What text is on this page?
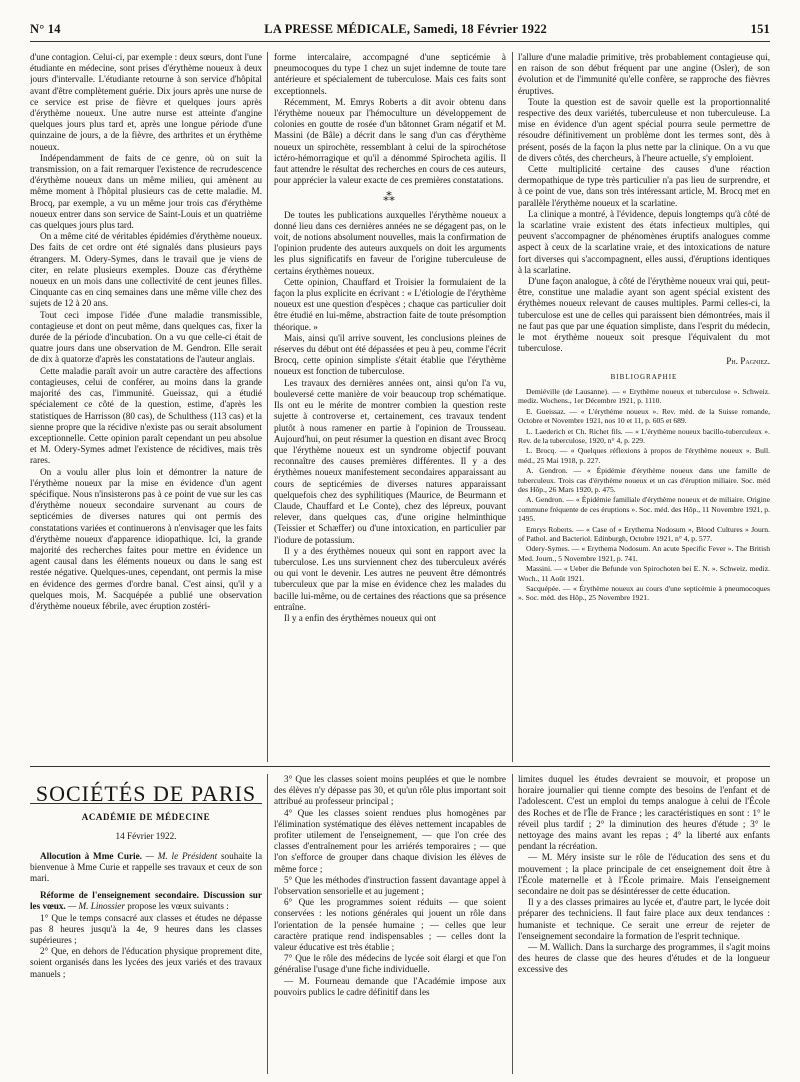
N° 14	LA PRESSE MÉDICALE, Samedi, 18 Février 1922	151

d'une contagion. Celui-ci, par exemple : deux sœurs, dont l'une étudiante en médecine, sont prises d'érythème noueux à deux jours d'intervalle. L'étudiante retourne à son service d'hôpital avant d'être complètement guérie. Dix jours après une nurse de ce service est prise de fièvre et quelques jours après d'érythème noueux. Une autre nurse est atteinte d'angine quelques jours plus tard et, après une longue période d'une quinzaine de jours, a de la fièvre, des arthrites et un érythème noueux.

Indépendamment de faits de ce genre, où on suit la transmission, on a fait remarquer l'existence de recrudescence d'érythème noueux dans un même milieu, qui amènent au même moment à l'hôpital plusieurs cas de cette maladie. M. Brocq, par exemple, a vu un même jour trois cas d'érythème noueux entrer dans son service de Saint-Louis et un quatrième cas quelques jours plus tard.

On a même cité de véritables épidémies d'érythème noueux. Des faits de cet ordre ont été signalés dans plusieurs pays étrangers. M. Odery-Symes, dans le travail que je viens de citer, en relate plusieurs exemples. Douze cas d'érythème noueux en un mois dans une collectivité de cent jeunes filles. Cinquante cas en cinq semaines dans une même ville chez des sujets de 12 à 20 ans.

Tout ceci impose l'idée d'une maladie transmissible, contagieuse et dont on peut même, dans quelques cas, fixer la durée de la période d'incubation. On a vu que celle-ci était de quatre jours dans une observation de M. Gendron. Elle serait de dix à quatorze d'après les constatations de l'auteur anglais.

Cette maladie paraît avoir un autre caractère des affections contagieuses, celui de conférer, au moins dans la grande majorité des cas, l'immunité. Gueissaz, qui a étudié spécialement ce côté de la question, estime, d'après les statistiques de Harrisson (80 cas), de Schulthess (113 cas) et la sienne propre que la récidive n'existe pas ou serait absolument exceptionnelle. Cette opinion paraît cependant un peu absolue et M. Odery-Symes admet l'existence de récidives, mais très rares.

On a voulu aller plus loin et démontrer la nature de l'érythème noueux par la mise en évidence d'un agent spécifique. Nous n'insisterons pas à ce point de vue sur les cas d'érythème noueux secondaire survenant au cours de septicémies de diverses natures qui ont permis des constatations variées et continuerons à n'envisager que les faits d'érythème noueux d'apparence idiopathique. Ici, la grande majorité des recherches faites pour mettre en évidence un agent causal dans les éléments noueux ou dans le sang est restée négative. Quelques-unes, cependant, ont permis la mise en évidence des germes d'ordre banal. C'est ainsi, qu'il y a quelques mois, M. Sacquépée a publié une observation d'érythème noueux fébrile, avec éruption zostéri-

forme intercalaire, accompagné d'une septicémie à pneumocoques du type 1 chez un sujet indemne de toute tare antérieure et spécialement de tuberculose. Mais ces faits sont exceptionnels.

Récemment, M. Emrys Roberts a dit avoir obtenu dans l'érythème noueux par l'hémoculture un développement de colonies en goutte de rosée d'un bâtonnet Gram négatif et M. Massini (de Bâle) a décrit dans le sang d'un cas d'érythème noueux un spirochète, ressemblant à celui de la spirochétose ictéro-hémorragique et qu'il a dénommé Spirocheta agilis. Il faut attendre le résultat des recherches en cours de ces auteurs, pour apprécier la valeur exacte de ces premières constatations.

⁂

De toutes les publications auxquelles l'érythème noueux a donné lieu dans ces dernières années ne se dégagent pas, on le voit, de notions absolument nouvelles, mais la confirmation de l'opinion prudente des auteurs auxquels on doit les arguments les plus significatifs en faveur de l'origine tuberculeuse de certains érythèmes noueux.

Cette opinion, Chauffard et Troisier la formulaient de la façon la plus explicite en écrivant : « L'étiologie de l'érythème noueux est une question d'espèces ; chaque cas particulier doit être étudié en lui-même, abstraction faite de toute présomption théorique. »

Mais, ainsi qu'il arrive souvent, les conclusions pleines de réserves du début ont été dépassées et peu à peu, comme l'écrit Brocq, cette opinion simpliste s'était établie que l'érythème noueux est fonction de tuberculose.

Les travaux des dernières années ont, ainsi qu'on l'a vu, bouleversé cette manière de voir beaucoup trop schématique. Ils ont eu le mérite de montrer combien la question reste sujette à controverse et, certainement, ces travaux tendent plutôt à nous ramener en partie à l'opinion de Trousseau. Aujourd'hui, on peut résumer la question en disant avec Brocq que l'érythème noueux est un syndrome objectif pouvant reconnaître des causes premières différentes. Il y a des érythèmes noueux manifestement secondaires apparaissant au cours de septicémies de diverses natures apparaissant quelquefois chez des syphilitiques (Maurice, de Beurmann et Claude, Chauffard et Le Conte), chez des lépreux, pouvant relever, dans quelques cas, d'une origine helminthique (Teissier et Schæffer) ou d'une intoxication, en particulier par l'iodure de potassium.

Il y a des érythèmes noueux qui sont en rapport avec la tuberculose. Les uns surviennent chez des tuberculeux avérés ou qui vont le devenir. Les autres ne peuvent être démontrés tuberculeux que par la mise en évidence chez les malades du bacille lui-même, ou de certaines des réactions que sa présence entraîne.

Il y a enfin des érythèmes noueux qui ont

l'allure d'une maladie primitive, très probablement contagieuse qui, en raison de son début fréquent par une angine (Osler), de son évolution et de l'immunité qu'elle confère, se rapproche des fièvres éruptives.

Toute la question est de savoir quelle est la proportionnalité respective des deux variétés, tuberculeuse et non tuberculeuse. La mise en évidence d'un agent spécial pourra seule permettre de résoudre définitivement un problème dont les termes sont, dès à présent, posés de la façon la plus nette par la clinique. On a vu que de divers côtés, des chercheurs, à l'heure actuelle, s'y emploient.

Cette multiplicité certaine des causes d'une réaction dermopathique de type très particulier n'a pas lieu de surprendre, et à ce point de vue, dans son très intéressant article, M. Brocq met en parallèle l'érythème noueux et la scarlatine.

La clinique a montré, à l'évidence, depuis longtemps qu'à côté de la scarlatine vraie existent des états infectieux multiples, qui peuvent s'accompagner de phénomènes éruptifs analogues comme aspect à ceux de la scarlatine vraie, et des intoxications de nature fort diverses qui s'accompagnent, elles aussi, d'éruptions identiques à la scarlatine.

D'une façon analogue, à côté de l'érythème noueux vrai qui, peut-être, constitue une maladie ayant son agent spécial existent des érythèmes noueux relevant de causes multiples. Parmi celles-ci, la tuberculose est une de celles qui paraissent bien démontrées, mais il ne faut pas que par une équation simpliste, dans l'esprit du médecin, le mot érythème noueux soit presque l'équivalent du mot tuberculose.

Ph. Pagniez.
BIBLIOGRAPHIE

Demiéville (de Lausanne). — « Erythème noueux et tuberculose ». Schweiz. mediz. Wochens., 1er Décembre 1921, p. 1110.

E. Gueissaz. — « L'érythème noueux ». Rev. méd. de la Suisse romande, Octobre et Novembre 1921, nos 10 et 11, p. 605 et 689.

L. Laederich et Ch. Richet fils. — « L'érythème noueux bacillo-tuberculeux ». Rev. de la tuberculose, 1920, n° 4, p. 229.

L. Brocq. — « Quelques réflexions à propos de l'érythème noueux ». Bull. méd., 25 Mai 1918, p. 227.

A. Gendron. — « Épidémie d'érythème noueux dans une famille de tuberculeux. Trois cas d'érythème noueux et un cas d'éruption miliaire. Soc. méd des Hôp., 26 Mars 1920, p. 475.

A. Gendron. — « Épidémie familiale d'érythème noueux et de miliaire. Origine commune fréquente de ces éruptions ». Soc. méd. des Hôp., 11 Novembre 1921, p. 1495.

Emrys Roberts. — « Case of « Erythema Nodosum », Blood Cultures » Journ. of Pathol. and Bacteriol. Edinburgh, Octobre 1921, n° 4, p. 577.

Odery-Symes. — « Erythema Nodosum. An acute Specific Fever ». The British Med. Journ., 5 Novembre 1921, p. 741.

Massini. — « Ueber die Befunde von Spirochoten bei E. N. ». Schweiz. mediz. Woch., 11 Août 1921.

Sacquépée. — « Érythème noueux au cours d'une septicémie à pneumocoques ». Soc. méd. des Hôp., 25 Novembre 1921.

SOCIÉTÉS DE PARIS
ACADÉMIE DE MÉDECINE
14 Février 1922.

Allocution à Mme Curie. — M. le Président souhaite la bienvenue à Mme Curie et rappelle ses travaux et ceux de son mari.

Réforme de l'enseignement secondaire. Discussion sur les vœux. — M. Linossier propose les vœux suivants :

1° Que le temps consacré aux classes et études ne dépasse pas 8 heures jusqu'à la 4e, 9 heures dans les classes supérieures ;

2° Que, en dehors de l'éducation physique proprement dite, soient organisés dans les lycées des jeux variés et des travaux manuels ;

3° Que les classes soient moins peuplées et que le nombre des élèves n'y dépasse pas 30, et qu'un rôle plus important soit attribué au professeur principal ;

4° Que les classes soient rendues plus homogènes par l'élimination systématique des élèves nettement incapables de profiter utilement de l'enseignement, — que l'on crée des classes d'entraînement pour les arriérés temporaires ; — que l'on s'efforce de grouper dans chaque division les élèves de même force ;

5° Que les méthodes d'instruction fassent davantage appel à l'observation sensorielle et au jugement ;

6° Que les programmes soient réduits — que soient conservées : les notions générales qui jouent un rôle dans l'orientation de la pensée humaine ; — celles que leur caractère pratique rend indispensables ; — celles dont la valeur éducative est très établie ;

7° Que le rôle des médecins de lycée soit élargi et que l'on généralise l'usage d'une fiche individuelle.

— M. Fourneau demande que l'Académie impose aux pouvoirs publics le cadre définitif dans les

limites duquel les études devraient se mouvoir, et propose un horaire journalier qui tienne compte des besoins de l'enfant et de l'adolescent. C'est un emploi du temps analogue à celui de l'École des Roches et de l'Île de France ; les caractéristiques en sont : 1° le réveil plus tardif ; 2° la diminution des heures d'étude ; 3° le nettoyage des mains avant les repas ; 4° la liberté aux enfants pendant la récréation.

— M. Méry insiste sur le rôle de l'éducation des sens et du mouvement ; la place principale de cet enseignement doit être à l'École maternelle et à l'École primaire. Mais l'enseignement secondaire ne doit pas se désintéresser de cette éducation.

Il y a des classes primaires au lycée et, d'autre part, le lycée doit préparer des techniciens. Il faut faire place aux deux tendances : humaniste et technique. Ce serait une erreur de rejeter de l'enseignement secondaire la formation de l'esprit technique.

— M. Wallich. Dans la surcharge des programmes, il s'agit moins des heures de classe que des heures d'études et de la longueur excessive des
